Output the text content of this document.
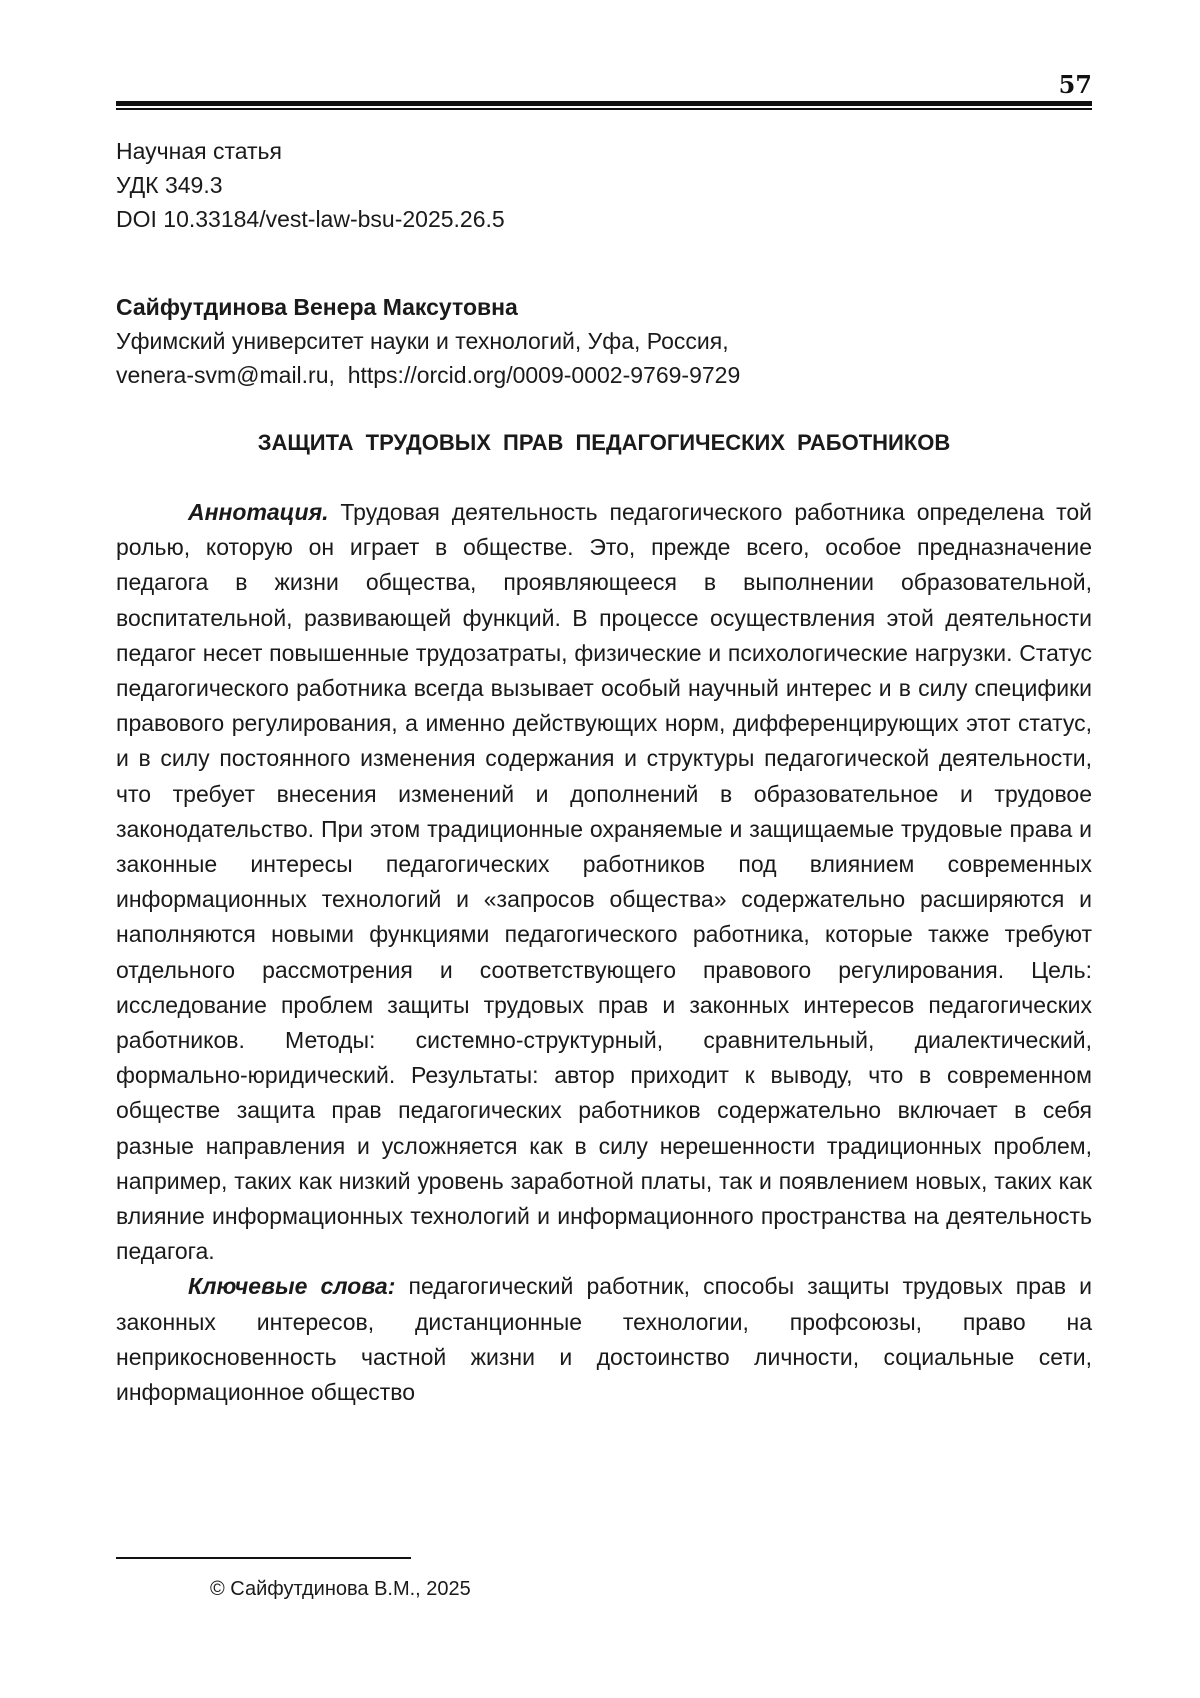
57
Научная статья
УДК 349.3
DOI 10.33184/vest-law-bsu-2025.26.5
Сайфутдинова Венера Максутовна
Уфимский университет науки и технологий, Уфа, Россия,
venera-svm@mail.ru, https://orcid.org/0009-0002-9769-9729
ЗАЩИТА ТРУДОВЫХ ПРАВ ПЕДАГОГИЧЕСКИХ РАБОТНИКОВ

Аннотация. Трудовая деятельность педагогического работника определена той ролью, которую он играет в обществе. Это, прежде всего, особое предназначение педагога в жизни общества, проявляющееся в выполнении образовательной, воспитательной, развивающей функций. В процессе осуществления этой деятельности педагог несет повышенные трудозатраты, физические и психологические нагрузки. Статус педагогического работника всегда вызывает особый научный интерес и в силу специфики правового регулирования, а именно действующих норм, дифференцирующих этот статус, и в силу постоянного изменения содержания и структуры педагогической деятельности, что требует внесения изменений и дополнений в образовательное и трудовое законодательство. При этом традиционные охраняемые и защищаемые трудовые права и законные интересы педагогических работников под влиянием современных информационных технологий и «запросов общества» содержательно расширяются и наполняются новыми функциями педагогического работника, которые также требуют отдельного рассмотрения и соответствующего правового регулирования. Цель: исследование проблем защиты трудовых прав и законных интересов педагогических работников. Методы: системно-структурный, сравнительный, диалектический, формально-юридический. Результаты: автор приходит к выводу, что в современном обществе защита прав педагогических работников содержательно включает в себя разные направления и усложняется как в силу нерешенности традиционных проблем, например, таких как низкий уровень заработной платы, так и появлением новых, таких как влияние информационных технологий и информационного пространства на деятельность педагога.

Ключевые слова: педагогический работник, способы защиты трудовых прав и законных интересов, дистанционные технологии, профсоюзы, право на неприкосновенность частной жизни и достоинство личности, социальные сети, информационное общество

© Сайфутдинова В.М., 2025
